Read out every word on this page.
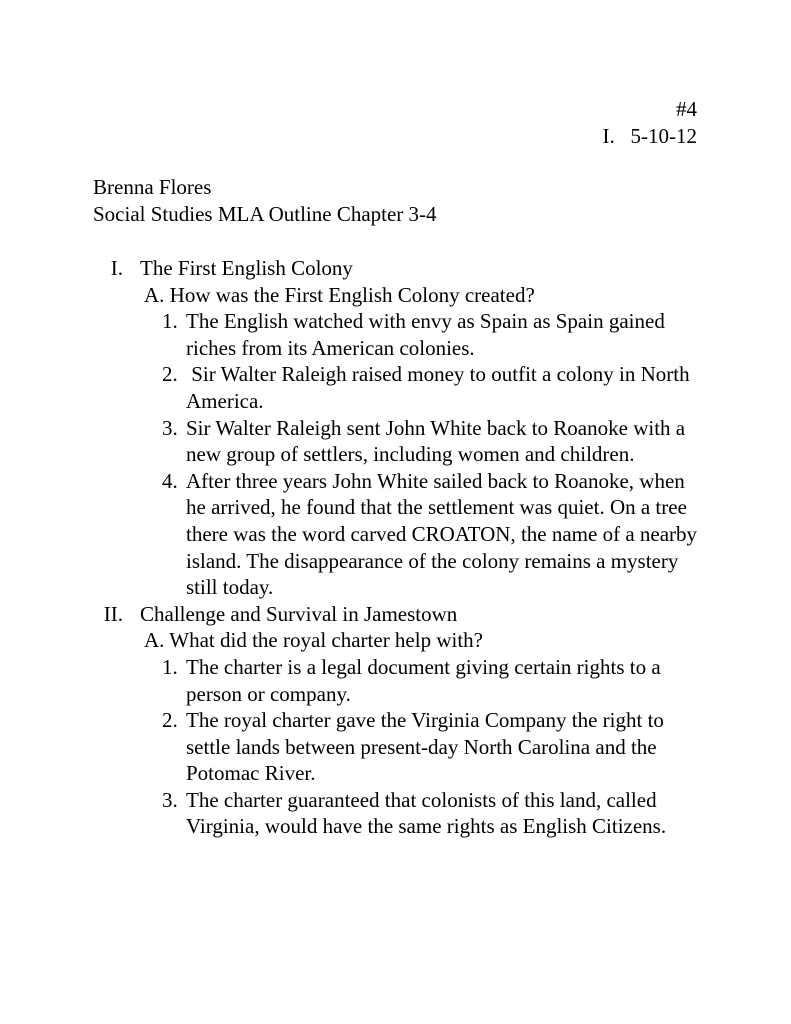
#4
I.   5-10-12
Brenna Flores
Social Studies MLA Outline Chapter 3-4
I. The First English Colony
A. How was the First English Colony created?
1. The English watched with envy as Spain as Spain gained riches from its American colonies.
2. Sir Walter Raleigh raised money to outfit a colony in North America.
3. Sir Walter Raleigh sent John White back to Roanoke with a new group of settlers, including women and children.
4. After three years John White sailed back to Roanoke, when he arrived, he found that the settlement was quiet. On a tree there was the word carved CROATON, the name of a nearby island. The disappearance of the colony remains a mystery still today.
II. Challenge and Survival in Jamestown
A. What did the royal charter help with?
1. The charter is a legal document giving certain rights to a person or company.
2. The royal charter gave the Virginia Company the right to settle lands between present-day North Carolina and the Potomac River.
3. The charter guaranteed that colonists of this land, called Virginia, would have the same rights as English Citizens.
